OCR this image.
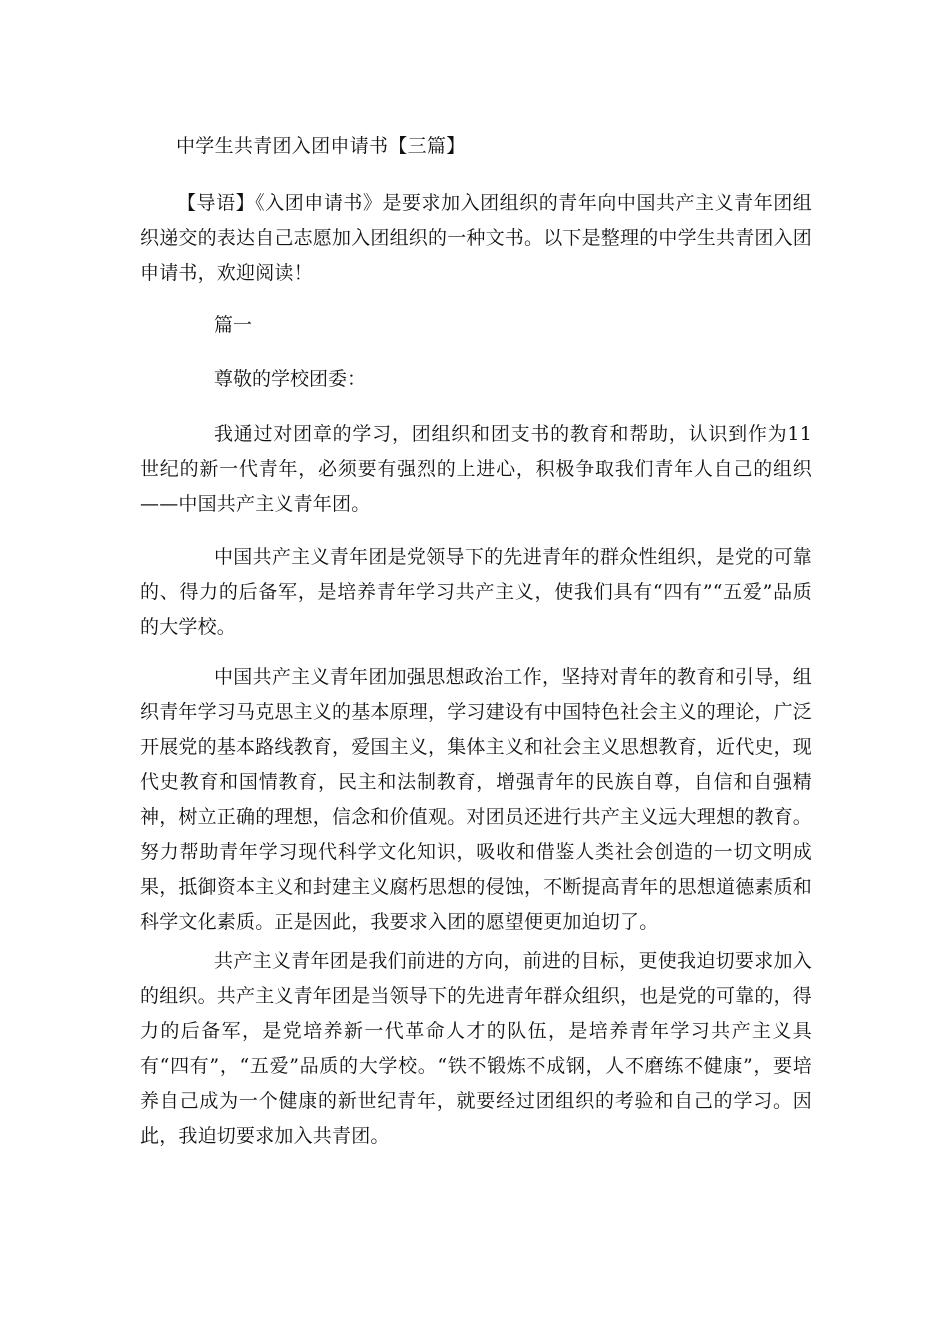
中学生共青团入团申请书【三篇】

【导语】《入团申请书》是要求加入团组织的青年向中国共产主义青年团组织递交的表达自己志愿加入团组织的一种文书。以下是整理的中学生共青团入团申请书，欢迎阅读！

篇一

尊敬的学校团委：

我通过对团章的学习，团组织和团支书的教育和帮助，认识到作为11世纪的新一代青年，必须要有强烈的上进心，积极争取我们青年人自己的组织——中国共产主义青年团。

中国共产主义青年团是党领导下的先进青年的群众性组织，是党的可靠的、得力的后备军，是培养青年学习共产主义，使我们具有“四有”“五爱”品质的大学校。

中国共产主义青年团加强思想政治工作，坚持对青年的教育和引导，组织青年学习马克思主义的基本原理，学习建设有中国特色社会主义的理论，广泛开展党的基本路线教育，爱国主义，集体主义和社会主义思想教育，近代史，现代史教育和国情教育，民主和法制教育，增强青年的民族自尊，自信和自强精神，树立正确的理想，信念和价值观。对团员还进行共产主义远大理想的教育。努力帮助青年学习现代科学文化知识，吸收和借鉴人类社会创造的一切文明成果，抵御资本主义和封建主义腐朽思想的侵蚀，不断提高青年的思想道德素质和科学文化素质。正是因此，我要求入团的愿望便更加迫切了。

共产主义青年团是我们前进的方向，前进的目标，更使我迫切要求加入的组织。共产主义青年团是当领导下的先进青年群众组织，也是党的可靠的，得力的后备军，是党培养新一代革命人才的队伍，是培养青年学习共产主义具有“四有”，“五爱”品质的大学校。“铁不锻炼不成钢，人不磨练不健康”，要培养自己成为一个健康的新世纪青年，就要经过团组织的考验和自己的学习。因此，我迫切要求加入共青团。
